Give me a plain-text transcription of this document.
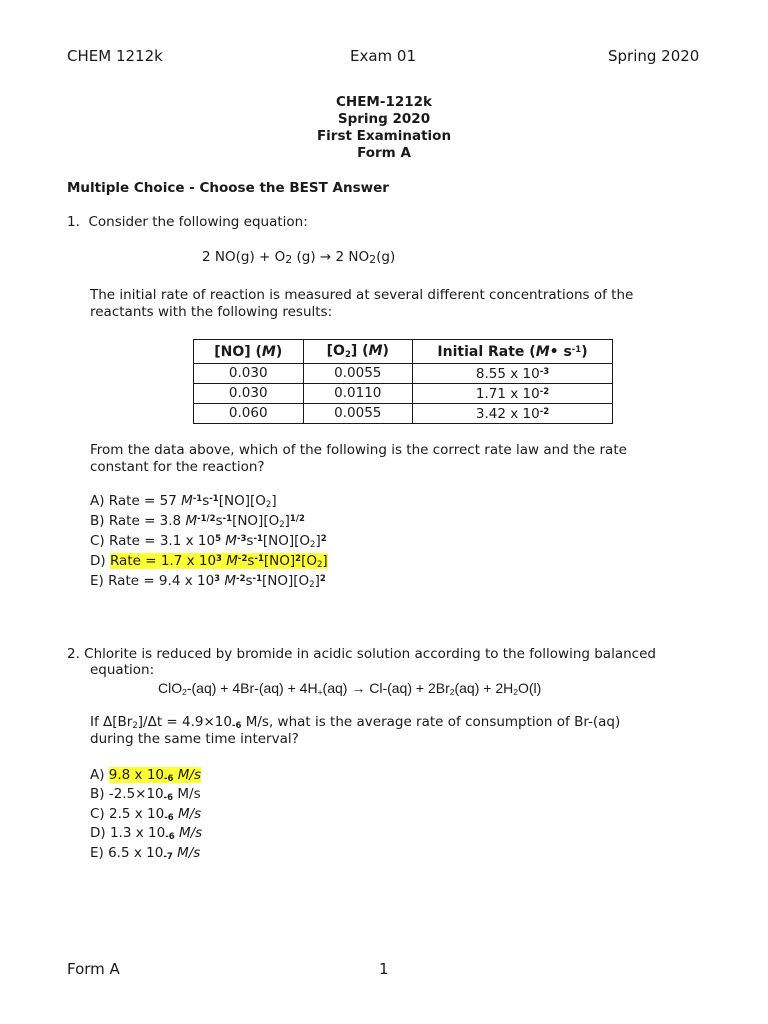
CHEM 1212k	Exam 01	Spring 2020
CHEM-1212k
Spring 2020
First Examination
Form A
Multiple Choice - Choose the BEST Answer
1. Consider the following equation:
2 $NO(g) + O_2$ (g) → 2 $NO_2(g)$
The initial rate of reaction is measured at several different concentrations of the reactants with the following results:
[NO] (M)	$[O_2]$ (M)	Initial Rate (M• $s^{-1}$)
0.030	0.0055	8.55 x $10^{-3}$
0.030	0.0110	1.71 x $10^{-2}$
0.060	0.0055	3.42 x $10^{-2}$
From the data above, which of the following is the correct rate law and the rate constant for the reaction?
A) Rate = 57 $M^{-1}s^{-1}[NO][O_2]$
B) Rate = 3.8 $M^{-1/2}s^{-1}[NO][O_2]^{1/2}$
C) Rate = 3.1 x $10^5$ $M^{-3}s^{-1}[NO][O_2]^2$
D) Rate = 1.7 x $10^3$ $M^{-2}s^{-1}[NO]^2[O_2]$
E) Rate = 9.4 x $10^3$ $M^{-2}s^{-1}[NO][O_2]^2$
2. Chlorite is reduced by bromide in acidic solution according to the following balanced
equation:
$ClO_2-(aq) + 4Br-(aq) + 4H_+(aq) \to Cl-(aq) + 2Br_2(aq) + 2H_2O(l)$
If $\Delta[Br_2]/\Delta t = 4.9\times 10_{-6}$ M/s, what is the average rate of consumption of Br-(aq)
during the same time interval?
A) 9.8 x $10_{-6}$ M/s
B) $-2.5\times 10_{-6}$ M/s
C) 2.5 x $10_{-6}$ M/s
D) 1.3 x $10_{-6}$ M/s
E) 6.5 x $10_{-7}$ M/s
Form A	1
